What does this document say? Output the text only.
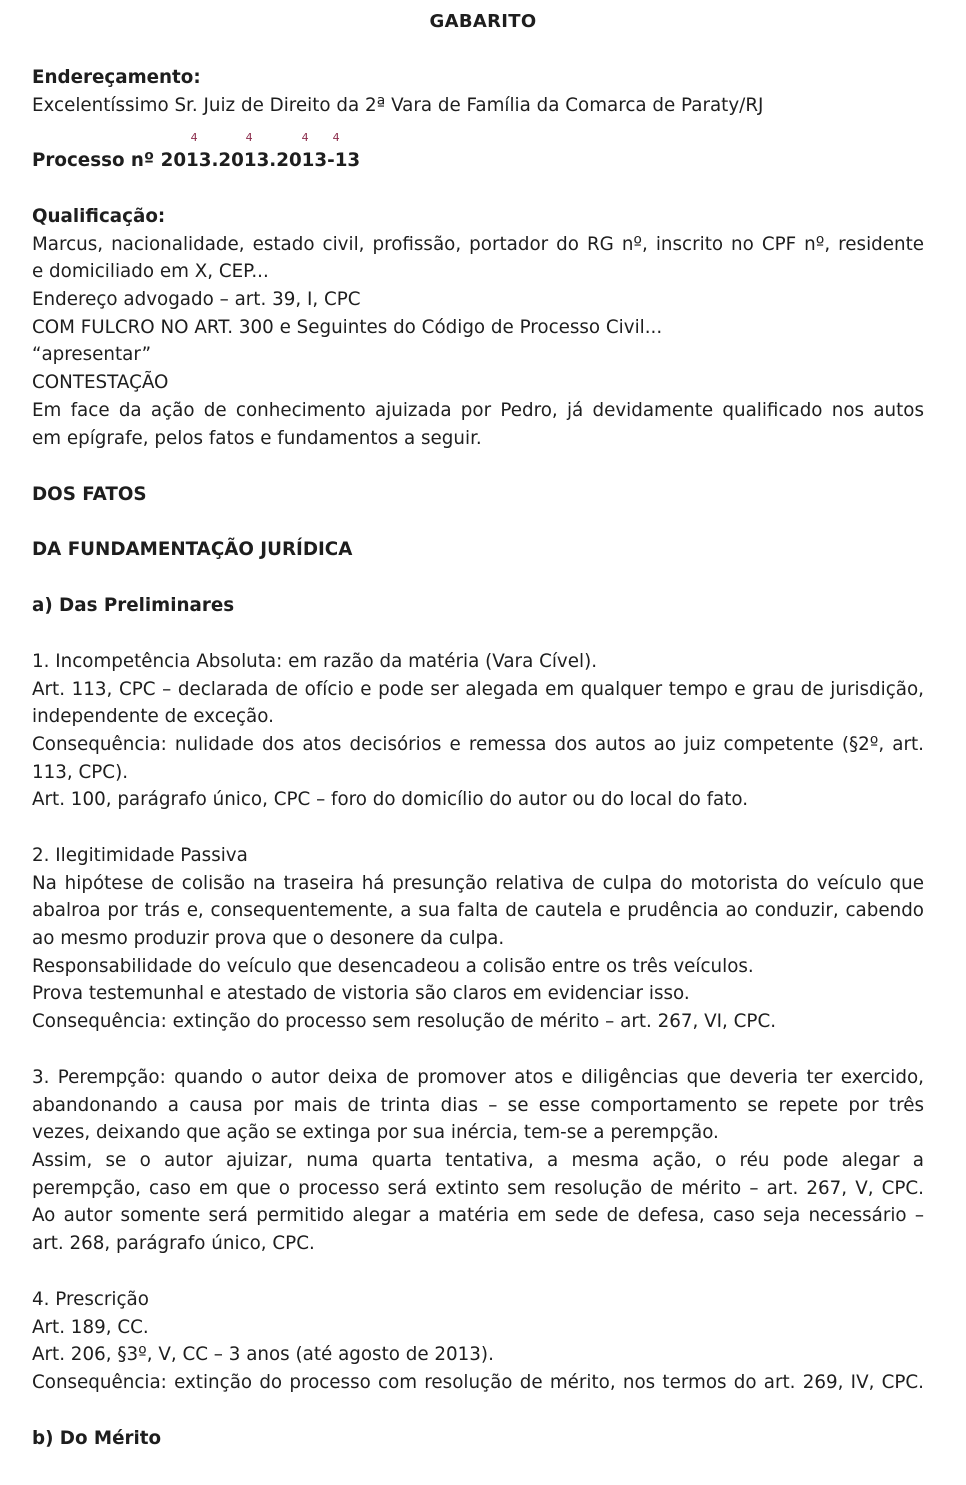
GABARITO
Endereçamento:
Excelentíssimo Sr. Juiz de Direito da 2ª Vara de Família da Comarca de Paraty/RJ
Processo nº
4	4	4 4
2013.2013.2013-13
Qualificação:
Marcus, nacionalidade, estado civil, profissão, portador do RG nº, inscrito no CPF nº, residente
e domiciliado em X, CEP...
Endereço advogado – art. 39, I, CPC
COM FULCRO NO ART. 300 e Seguintes do Código de Processo Civil...
“apresentar”
CONTESTAÇÃO
Em face da ação de conhecimento ajuizada por Pedro, já devidamente qualificado nos autos
em epígrafe, pelos fatos e fundamentos a seguir.
DOS FATOS
DA FUNDAMENTAÇÃO JURÍDICA
a) Das Preliminares
1. Incompetência Absoluta: em razão da matéria (Vara Cível).
Art. 113, CPC – declarada de ofício e pode ser alegada em qualquer tempo e grau de jurisdição,
independente de exceção.
Consequência: nulidade dos atos decisórios e remessa dos autos ao juiz competente (§2º, art.
113, CPC).
Art. 100, parágrafo único, CPC – foro do domicílio do autor ou do local do fato.
2. Ilegitimidade Passiva
Na hipótese de colisão na traseira há presunção relativa de culpa do motorista do veículo que
abalroa por trás e, consequentemente, a sua falta de cautela e prudência ao conduzir, cabendo
ao mesmo produzir prova que o desonere da culpa.
Responsabilidade do veículo que desencadeou a colisão entre os três veículos.
Prova testemunhal e atestado de vistoria são claros em evidenciar isso.
Consequência: extinção do processo sem resolução de mérito – art. 267, VI, CPC.
3. Perempção: quando o autor deixa de promover atos e diligências que deveria ter exercido,
abandonando a causa por mais de trinta dias – se esse comportamento se repete por três
vezes, deixando que ação se extinga por sua inércia, tem-se a perempção.
Assim, se o autor ajuizar, numa quarta tentativa, a mesma ação, o réu pode alegar a
perempção, caso em que o processo será extinto sem resolução de mérito – art. 267, V, CPC.
Ao autor somente será permitido alegar a matéria em sede de defesa, caso seja necessário –
art. 268, parágrafo único, CPC.
4. Prescrição
Art. 189, CC.
Art. 206, §3º, V, CC – 3 anos (até agosto de 2013).
Consequência: extinção do processo com resolução de mérito, nos termos do art. 269, IV, CPC.
b) Do Mérito
